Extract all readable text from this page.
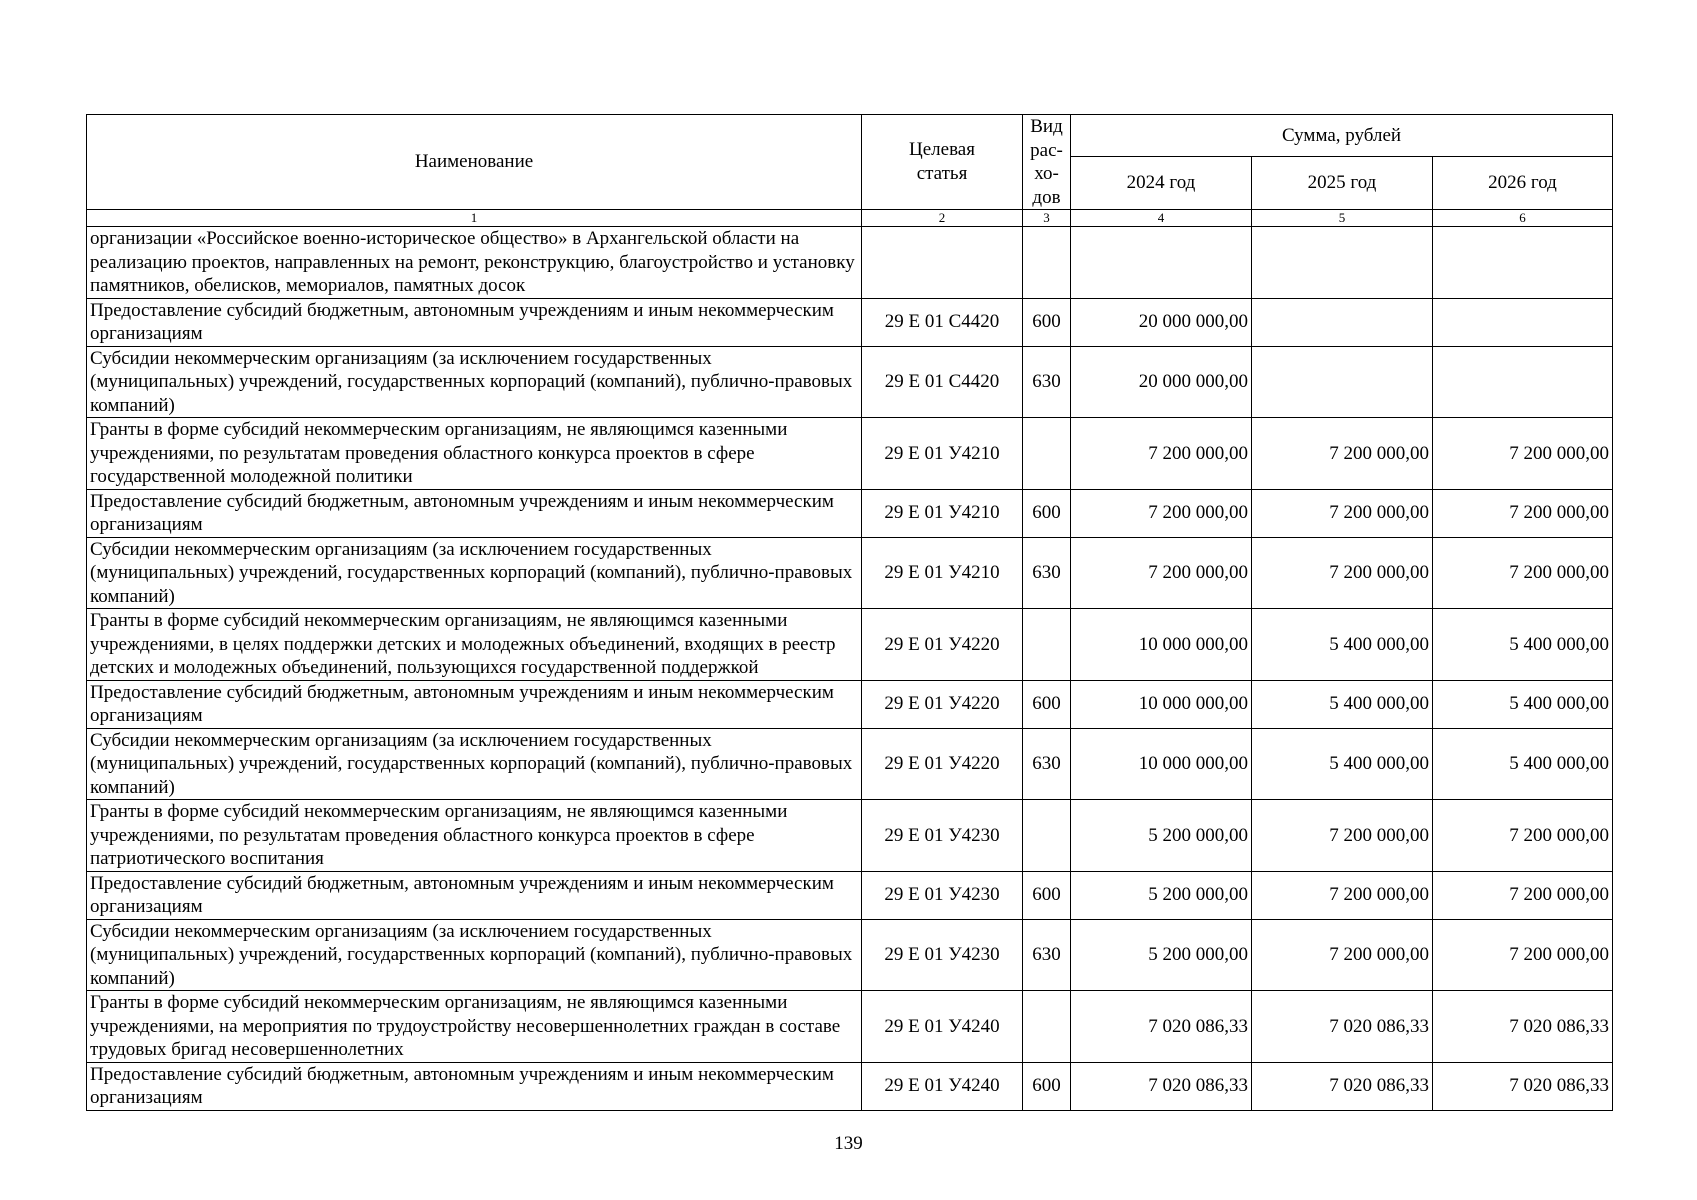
Наименование	Целевая статья	Вид рас-хо-дов	Сумма, рублей		
			2024 год	2025 год	2026 год
1	2	3	4	5	6
организации «Российское военно-историческое общество» в Архангельской области на реализацию проектов, направленных на ремонт, реконструкцию, благоустройство и установку памятников, обелисков, мемориалов, памятных досок					
Предоставление субсидий бюджетным, автономным учреждениям и иным некоммерческим организациям	29 Е 01 С4420	600	20 000 000,00		
Субсидии некоммерческим организациям (за исключением государственных (муниципальных) учреждений, государственных корпораций (компаний), публично-правовых компаний)	29 Е 01 С4420	630	20 000 000,00		
Гранты в форме субсидий некоммерческим организациям, не являющимся казенными учреждениями, по результатам проведения областного конкурса проектов в сфере государственной молодежной политики	29 Е 01 У4210		7 200 000,00	7 200 000,00	7 200 000,00
Предоставление субсидий бюджетным, автономным учреждениям и иным некоммерческим организациям	29 Е 01 У4210	600	7 200 000,00	7 200 000,00	7 200 000,00
Субсидии некоммерческим организациям (за исключением государственных (муниципальных) учреждений, государственных корпораций (компаний), публично-правовых компаний)	29 Е 01 У4210	630	7 200 000,00	7 200 000,00	7 200 000,00
Гранты в форме субсидий некоммерческим организациям, не являющимся казенными учреждениями, в целях поддержки детских и молодежных объединений, входящих в реестр детских и молодежных объединений, пользующихся государственной поддержкой	29 Е 01 У4220		10 000 000,00	5 400 000,00	5 400 000,00
Предоставление субсидий бюджетным, автономным учреждениям и иным некоммерческим организациям	29 Е 01 У4220	600	10 000 000,00	5 400 000,00	5 400 000,00
Субсидии некоммерческим организациям (за исключением государственных (муниципальных) учреждений, государственных корпораций (компаний), публично-правовых компаний)	29 Е 01 У4220	630	10 000 000,00	5 400 000,00	5 400 000,00
Гранты в форме субсидий некоммерческим организациям, не являющимся казенными учреждениями, по результатам проведения областного конкурса проектов в сфере патриотического воспитания	29 Е 01 У4230		5 200 000,00	7 200 000,00	7 200 000,00
Предоставление субсидий бюджетным, автономным учреждениям и иным некоммерческим организациям	29 Е 01 У4230	600	5 200 000,00	7 200 000,00	7 200 000,00
Субсидии некоммерческим организациям (за исключением государственных (муниципальных) учреждений, государственных корпораций (компаний), публично-правовых компаний)	29 Е 01 У4230	630	5 200 000,00	7 200 000,00	7 200 000,00
Гранты в форме субсидий некоммерческим организациям, не являющимся казенными учреждениями, на мероприятия по трудоустройству несовершеннолетних граждан в составе трудовых бригад несовершеннолетних	29 Е 01 У4240		7 020 086,33	7 020 086,33	7 020 086,33
Предоставление субсидий бюджетным, автономным учреждениям и иным некоммерческим организациям	29 Е 01 У4240	600	7 020 086,33	7 020 086,33	7 020 086,33
139
